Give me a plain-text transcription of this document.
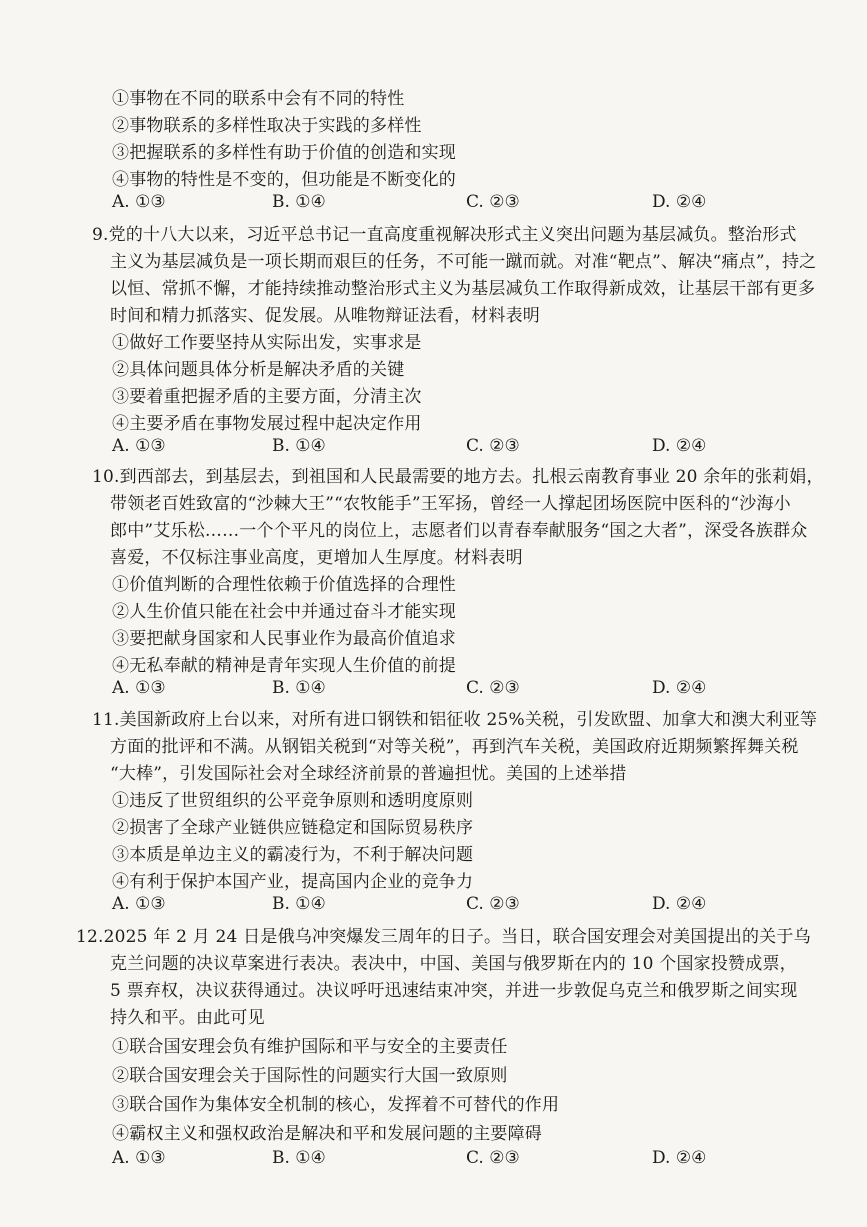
①事物在不同的联系中会有不同的特性
②事物联系的多样性取决于实践的多样性
③把握联系的多样性有助于价值的创造和实现
④事物的特性是不变的，但功能是不断变化的
A. ①③	B. ①④	C. ②③	D. ②④
9.党的十八大以来，习近平总书记一直高度重视解决形式主义突出问题为基层减负。整治形式
主义为基层减负是一项长期而艰巨的任务，不可能一蹴而就。对准“靶点”、解决“痛点”，持之
以恒、常抓不懈，才能持续推动整治形式主义为基层减负工作取得新成效，让基层干部有更多
时间和精力抓落实、促发展。从唯物辩证法看，材料表明
①做好工作要坚持从实际出发，实事求是
②具体问题具体分析是解决矛盾的关键
③要着重把握矛盾的主要方面，分清主次
④主要矛盾在事物发展过程中起决定作用
A. ①③	B. ①④	C. ②③	D. ②④
10.到西部去，到基层去，到祖国和人民最需要的地方去。扎根云南教育事业 20 余年的张莉娟，
带领老百姓致富的“沙棘大王”“农牧能手”王军扬，曾经一人撑起团场医院中医科的“沙海小
郎中”艾乐松……一个个平凡的岗位上，志愿者们以青春奉献服务“国之大者”，深受各族群众
喜爱，不仅标注事业高度，更增加人生厚度。材料表明
①价值判断的合理性依赖于价值选择的合理性
②人生价值只能在社会中并通过奋斗才能实现
③要把献身国家和人民事业作为最高价值追求
④无私奉献的精神是青年实现人生价值的前提
A. ①③	B. ①④	C. ②③	D. ②④
11.美国新政府上台以来，对所有进口钢铁和铝征收 25%关税，引发欧盟、加拿大和澳大利亚等
方面的批评和不满。从钢铝关税到“对等关税”，再到汽车关税，美国政府近期频繁挥舞关税
“大棒”，引发国际社会对全球经济前景的普遍担忧。美国的上述举措
①违反了世贸组织的公平竞争原则和透明度原则
②损害了全球产业链供应链稳定和国际贸易秩序
③本质是单边主义的霸凌行为，不利于解决问题
④有利于保护本国产业，提高国内企业的竞争力
A. ①③	B. ①④	C. ②③	D. ②④
12.2025 年 2 月 24 日是俄乌冲突爆发三周年的日子。当日，联合国安理会对美国提出的关于乌
克兰问题的决议草案进行表决。表决中，中国、美国与俄罗斯在内的 10 个国家投赞成票，
5 票弃权，决议获得通过。决议呼吁迅速结束冲突，并进一步敦促乌克兰和俄罗斯之间实现
持久和平。由此可见
①联合国安理会负有维护国际和平与安全的主要责任
②联合国安理会关于国际性的问题实行大国一致原则
③联合国作为集体安全机制的核心，发挥着不可替代的作用
④霸权主义和强权政治是解决和平和发展问题的主要障碍
A. ①③	B. ①④	C. ②③	D. ②④
